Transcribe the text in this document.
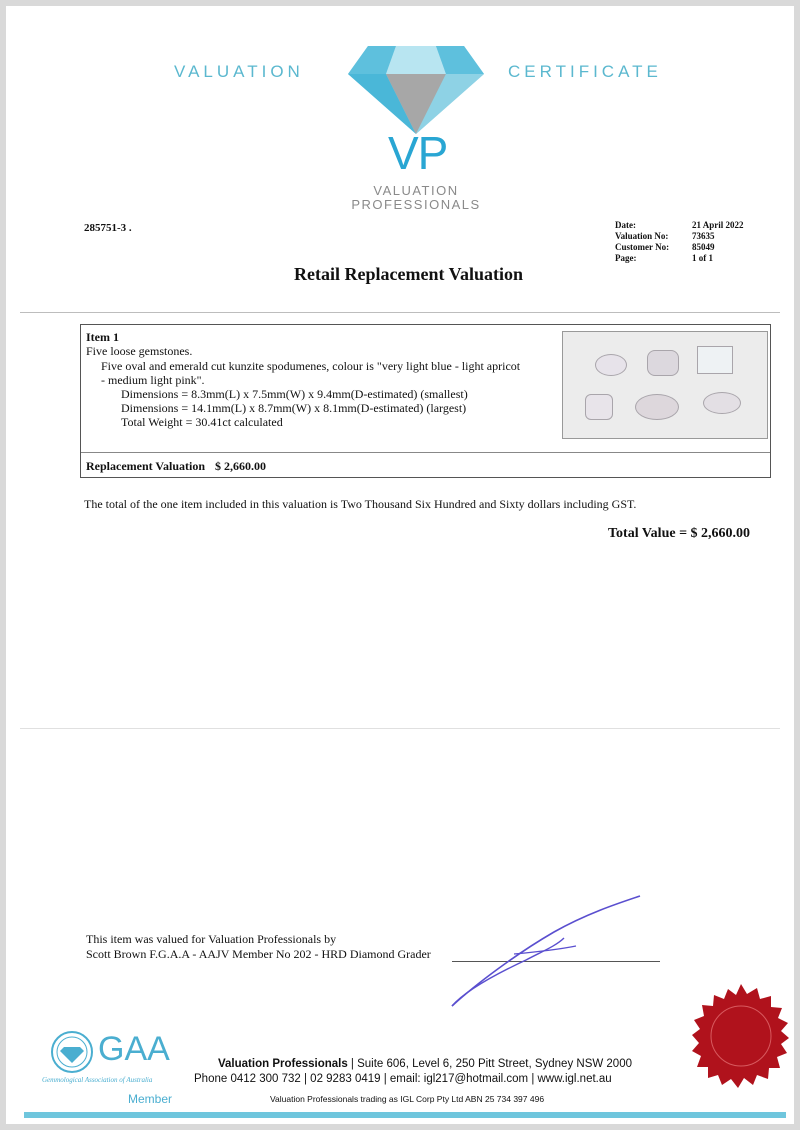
VALUATION	CERTIFICATE
VP
VALUATION
PROFESSIONALS
285751-3 .	Date:
Valuation No:
Customer No:
Page:
21 April 2022
73635
85049
1 of 1
Retail Replacement Valuation
Item 1
Five loose gemstones.
Five oval and emerald cut kunzite spodumenes, colour is "very light blue - light apricot
- medium light pink".
Dimensions = 8.3mm(L) x 7.5mm(W) x 9.4mm(D-estimated) (smallest)
Dimensions = 14.1mm(L) x 8.7mm(W) x 8.1mm(D-estimated) (largest)
Total Weight = 30.41ct calculated
Replacement Valuation $ 2,660.00
The total of the one item included in this valuation is Two Thousand Six Hundred and Sixty dollars including GST.
Total Value = $ 2,660.00
This item was valued for Valuation Professionals by
Scott Brown F.G.A.A - AAJV Member No 202 - HRD Diamond Grader
GAA
Gemmological Association of Australia
Member
Valuation Professionals | Suite 606, Level 6, 250 Pitt Street, Sydney NSW 2000
Phone 0412 300 732 | 02 9283 0419 | email: igl217@hotmail.com | www.igl.net.au
Valuation Professionals trading as IGL Corp Pty Ltd ABN 25 734 397 496
